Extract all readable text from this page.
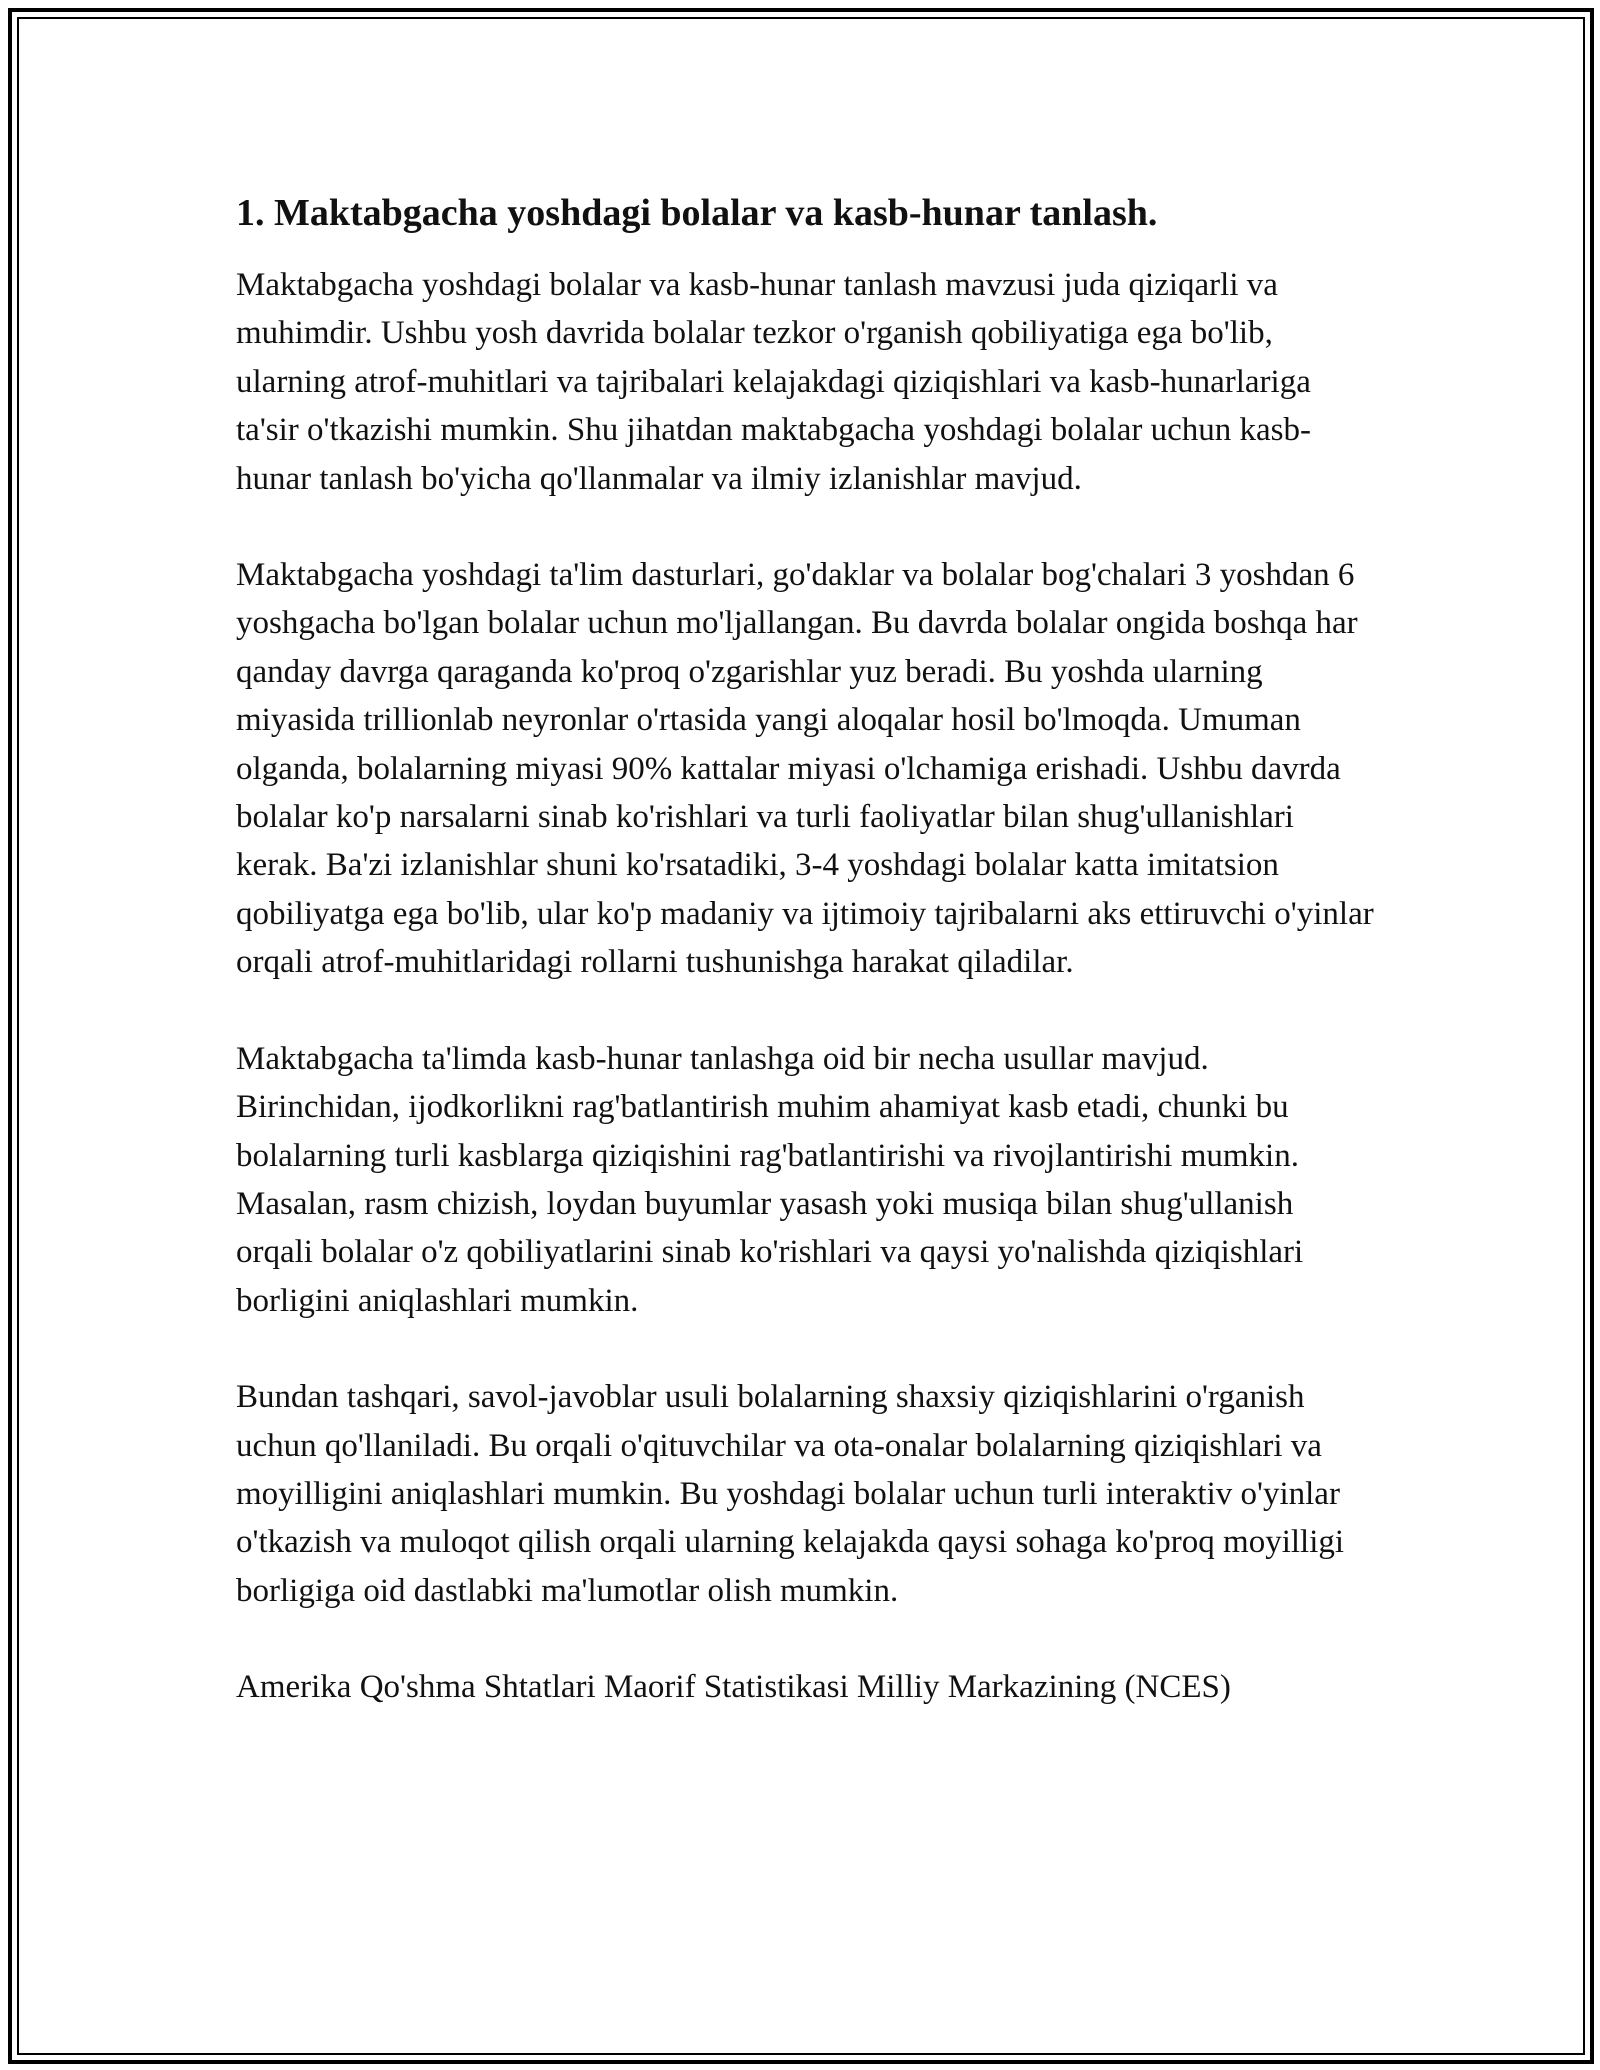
1. Maktabgacha yoshdagi bolalar va kasb-hunar tanlash.

Maktabgacha yoshdagi bolalar va kasb-hunar tanlash mavzusi juda qiziqarli va muhimdir. Ushbu yosh davrida bolalar tezkor o'rganish qobiliyatiga ega bo'lib, ularning atrof-muhitlari va tajribalari kelajakdagi qiziqishlari va kasb-hunarlariga ta'sir o'tkazishi mumkin. Shu jihatdan maktabgacha yoshdagi bolalar uchun kasb-hunar tanlash bo'yicha qo'llanmalar va ilmiy izlanishlar mavjud.

Maktabgacha yoshdagi ta'lim dasturlari, go'daklar va bolalar bog'chalari 3 yoshdan 6 yoshgacha bo'lgan bolalar uchun mo'ljallangan. Bu davrda bolalar ongida boshqa har qanday davrga qaraganda ko'proq o'zgarishlar yuz beradi. Bu yoshda ularning miyasida trillionlab neyronlar o'rtasida yangi aloqalar hosil bo'lmoqda. Umuman olganda, bolalarning miyasi 90% kattalar miyasi o'lchamiga erishadi. Ushbu davrda bolalar ko'p narsalarni sinab ko'rishlari va turli faoliyatlar bilan shug'ullanishlari kerak. Ba'zi izlanishlar shuni ko'rsatadiki, 3-4 yoshdagi bolalar katta imitatsion qobiliyatga ega bo'lib, ular ko'p madaniy va ijtimoiy tajribalarni aks ettiruvchi o'yinlar orqali atrof-muhitlaridagi rollarni tushunishga harakat qiladilar.

Maktabgacha ta'limda kasb-hunar tanlashga oid bir necha usullar mavjud. Birinchidan, ijodkorlikni rag'batlantirish muhim ahamiyat kasb etadi, chunki bu bolalarning turli kasblarga qiziqishini rag'batlantirishi va rivojlantirishi mumkin. Masalan, rasm chizish, loydan buyumlar yasash yoki musiqa bilan shug'ullanish orqali bolalar o'z qobiliyatlarini sinab ko'rishlari va qaysi yo'nalishda qiziqishlari borligini aniqlashlari mumkin.

Bundan tashqari, savol-javoblar usuli bolalarning shaxsiy qiziqishlarini o'rganish uchun qo'llaniladi. Bu orqali o'qituvchilar va ota-onalar bolalarning qiziqishlari va moyilligini aniqlashlari mumkin. Bu yoshdagi bolalar uchun turli interaktiv o'yinlar o'tkazish va muloqot qilish orqali ularning kelajakda qaysi sohaga ko'proq moyilligi borligiga oid dastlabki ma'lumotlar olish mumkin.

Amerika Qo'shma Shtatlari Maorif Statistikasi Milliy Markazining (NCES)
